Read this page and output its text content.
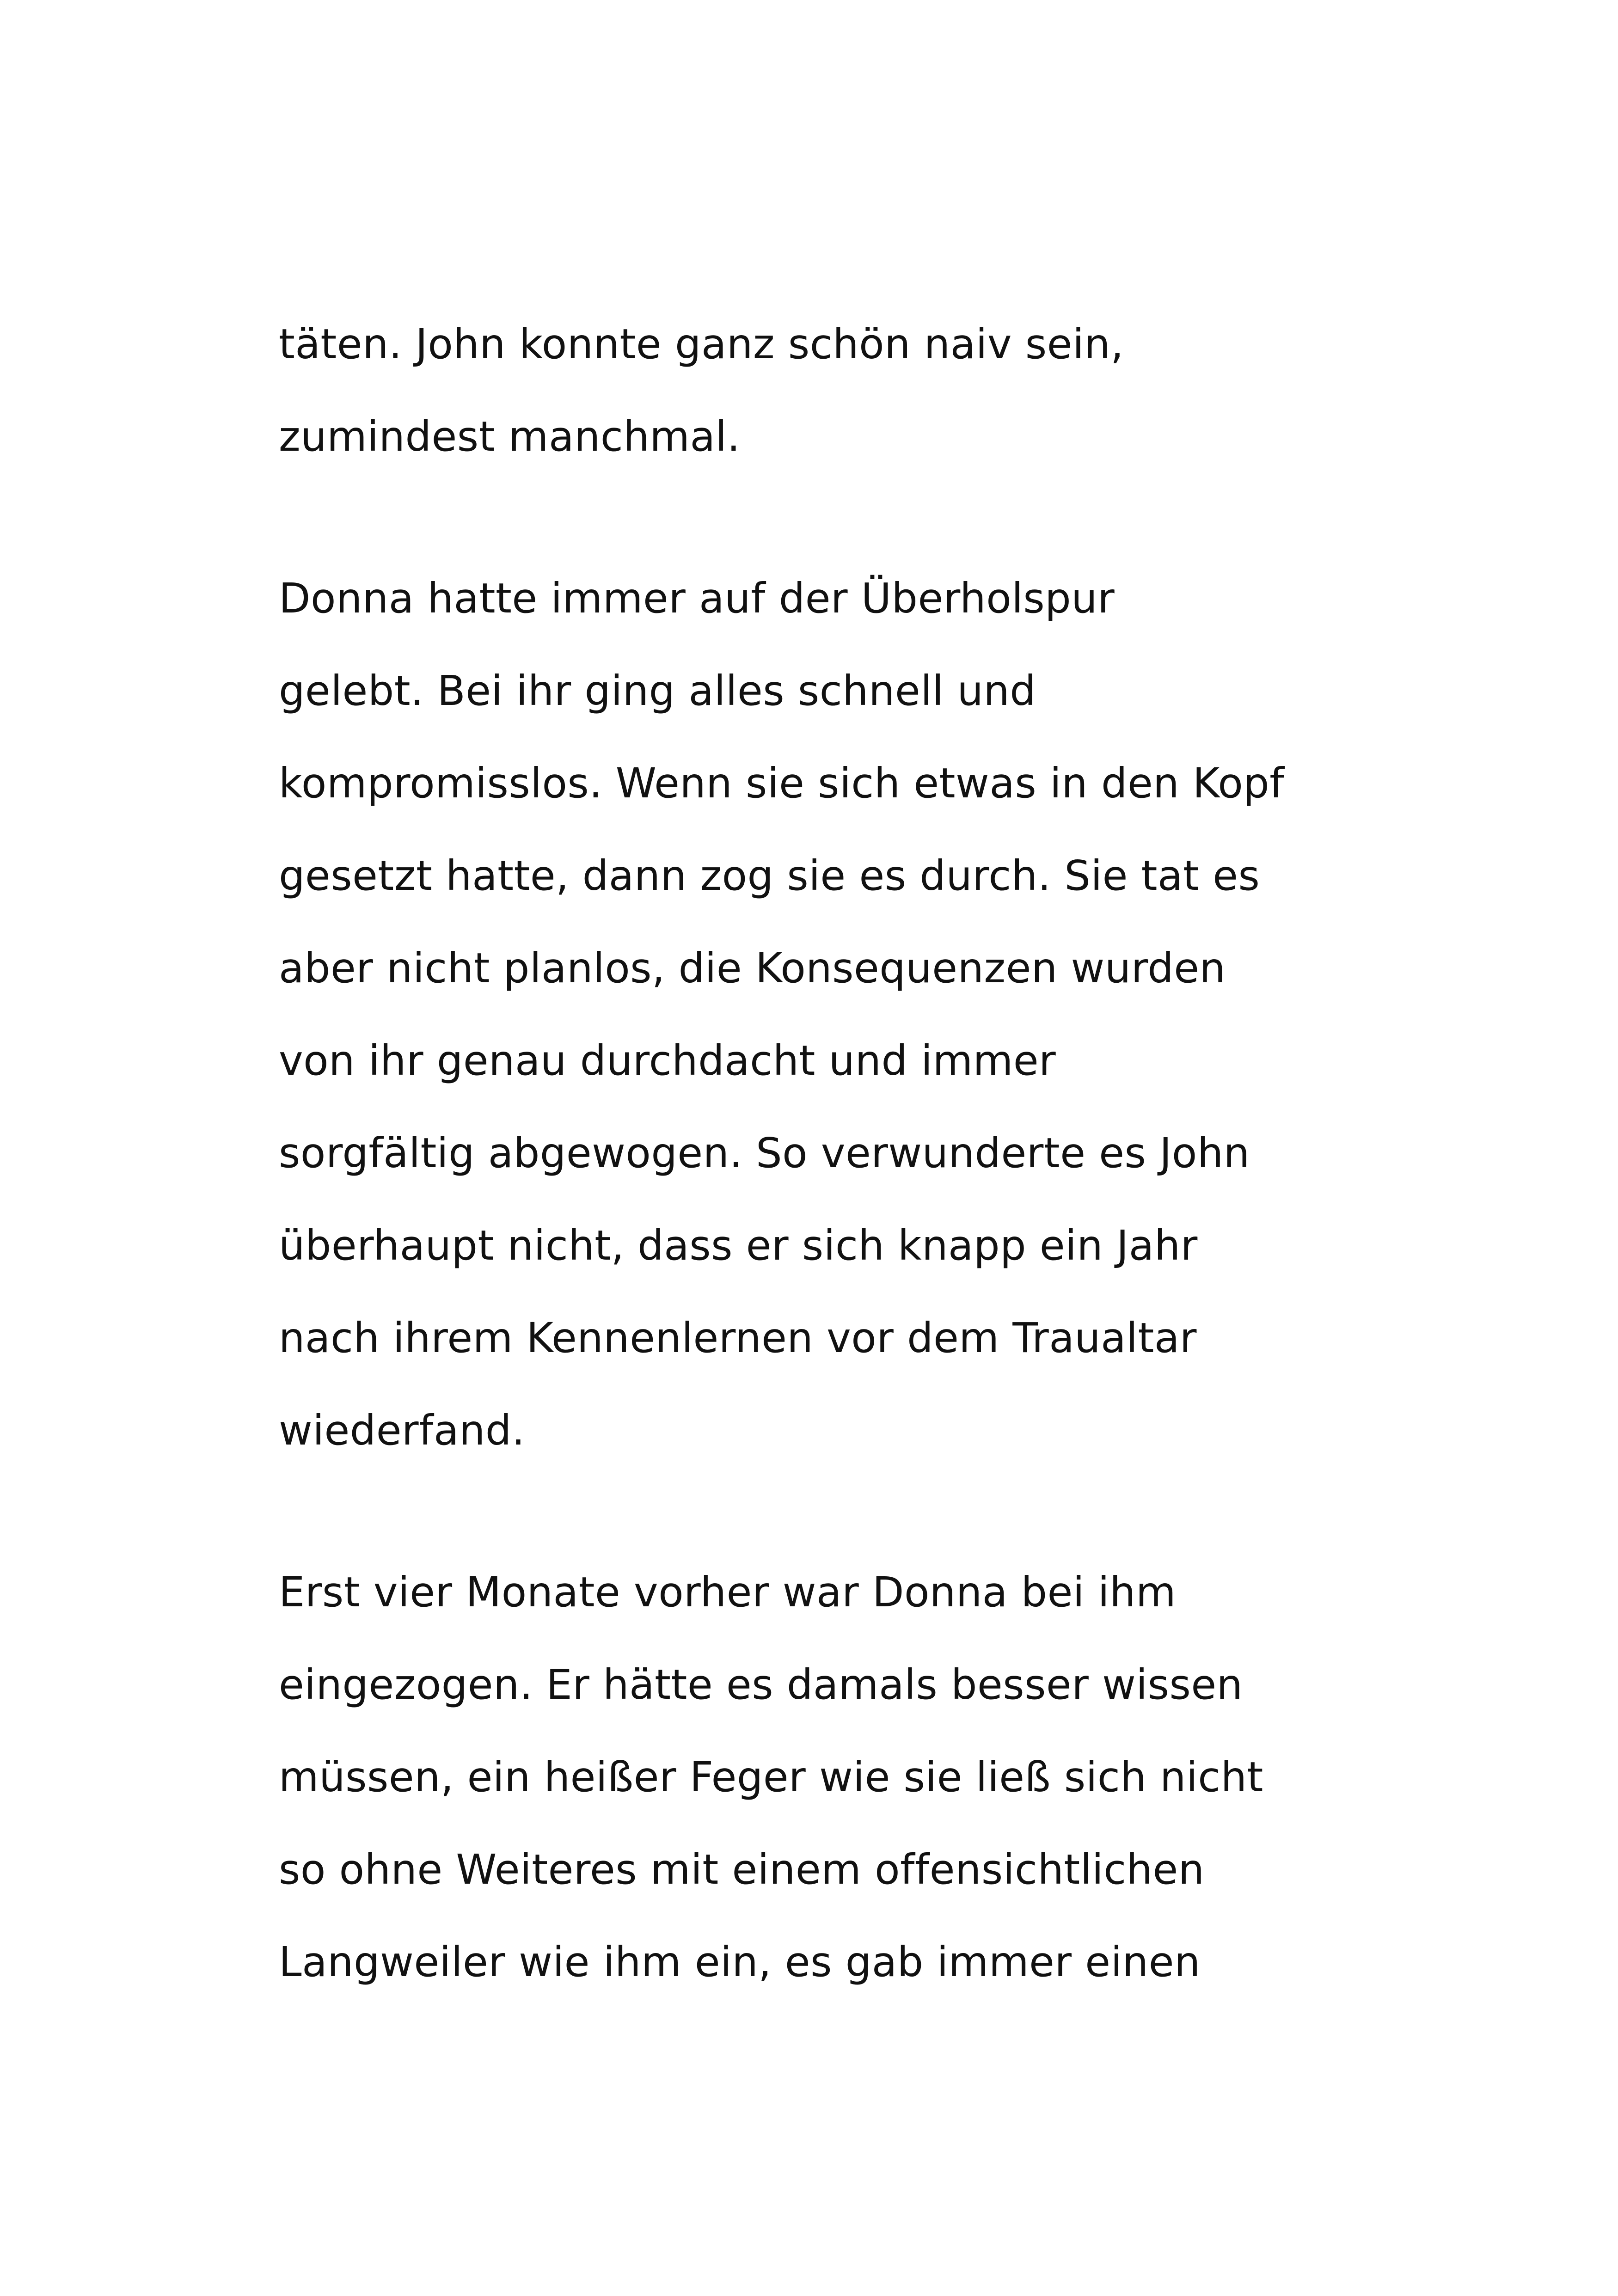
täten. John konnte ganz schön naiv sein,

zumindest manchmal.

Donna hatte immer auf der Überholspur

gelebt. Bei ihr ging alles schnell und

kompromisslos. Wenn sie sich etwas in den Kopf

gesetzt hatte, dann zog sie es durch. Sie tat es

aber nicht planlos, die Konsequenzen wurden

von ihr genau durchdacht und immer

sorgfältig abgewogen. So verwunderte es John

überhaupt nicht, dass er sich knapp ein Jahr

nach ihrem Kennenlernen vor dem Traualtar

wiederfand.

Erst vier Monate vorher war Donna bei ihm

eingezogen. Er hätte es damals besser wissen

müssen, ein heißer Feger wie sie ließ sich nicht

so ohne Weiteres mit einem offensichtlichen

Langweiler wie ihm ein, es gab immer einen
